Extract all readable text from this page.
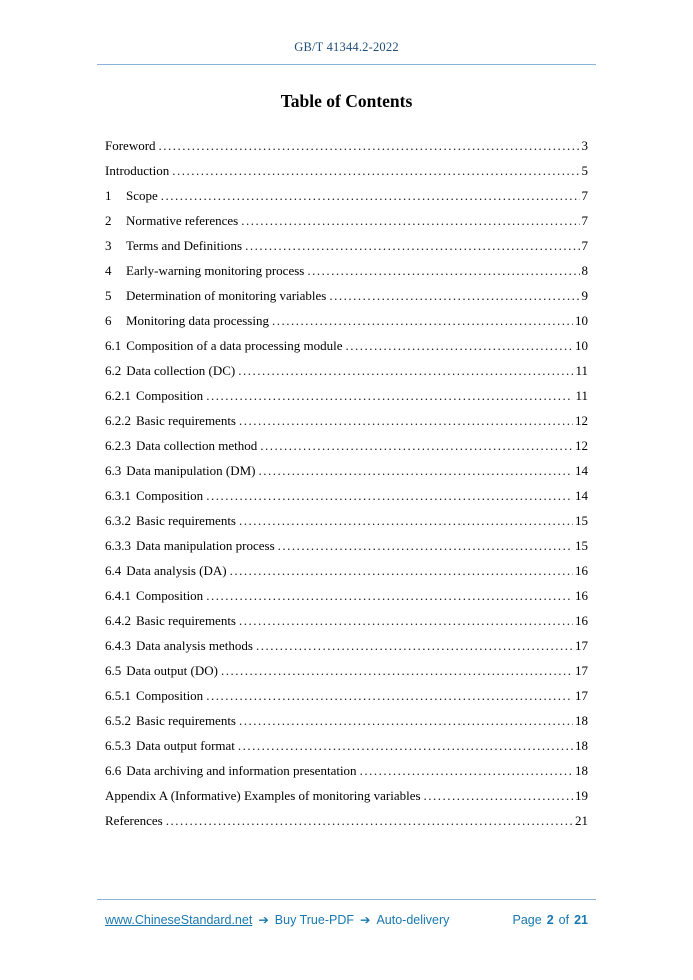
GB/T 41344.2-2022
Table of Contents
Foreword .....	3
Introduction .....	5
1	Scope .....	7
2	Normative references .....	7
3	Terms and Definitions .....	7
4	Early-warning monitoring process .....	8
5	Determination of monitoring variables .....	9
6	Monitoring data processing .....	10
6.1 Composition of a data processing module .....	10
6.2 Data collection (DC) .....	11
6.2.1 Composition .....	11
6.2.2 Basic requirements .....	12
6.2.3 Data collection method .....	12
6.3 Data manipulation (DM) .....	14
6.3.1 Composition .....	14
6.3.2 Basic requirements .....	15
6.3.3 Data manipulation process .....	15
6.4 Data analysis (DA) .....	16
6.4.1 Composition .....	16
6.4.2 Basic requirements .....	16
6.4.3 Data analysis methods .....	17
6.5 Data output (DO) .....	17
6.5.1 Composition .....	17
6.5.2 Basic requirements .....	18
6.5.3 Data output format .....	18
6.6 Data archiving and information presentation .....	18
Appendix A (Informative) Examples of monitoring variables .....	19
References .....	21
www.ChineseStandard.net ➔ Buy True-PDF ➔ Auto-delivery	Page 2 of 21
